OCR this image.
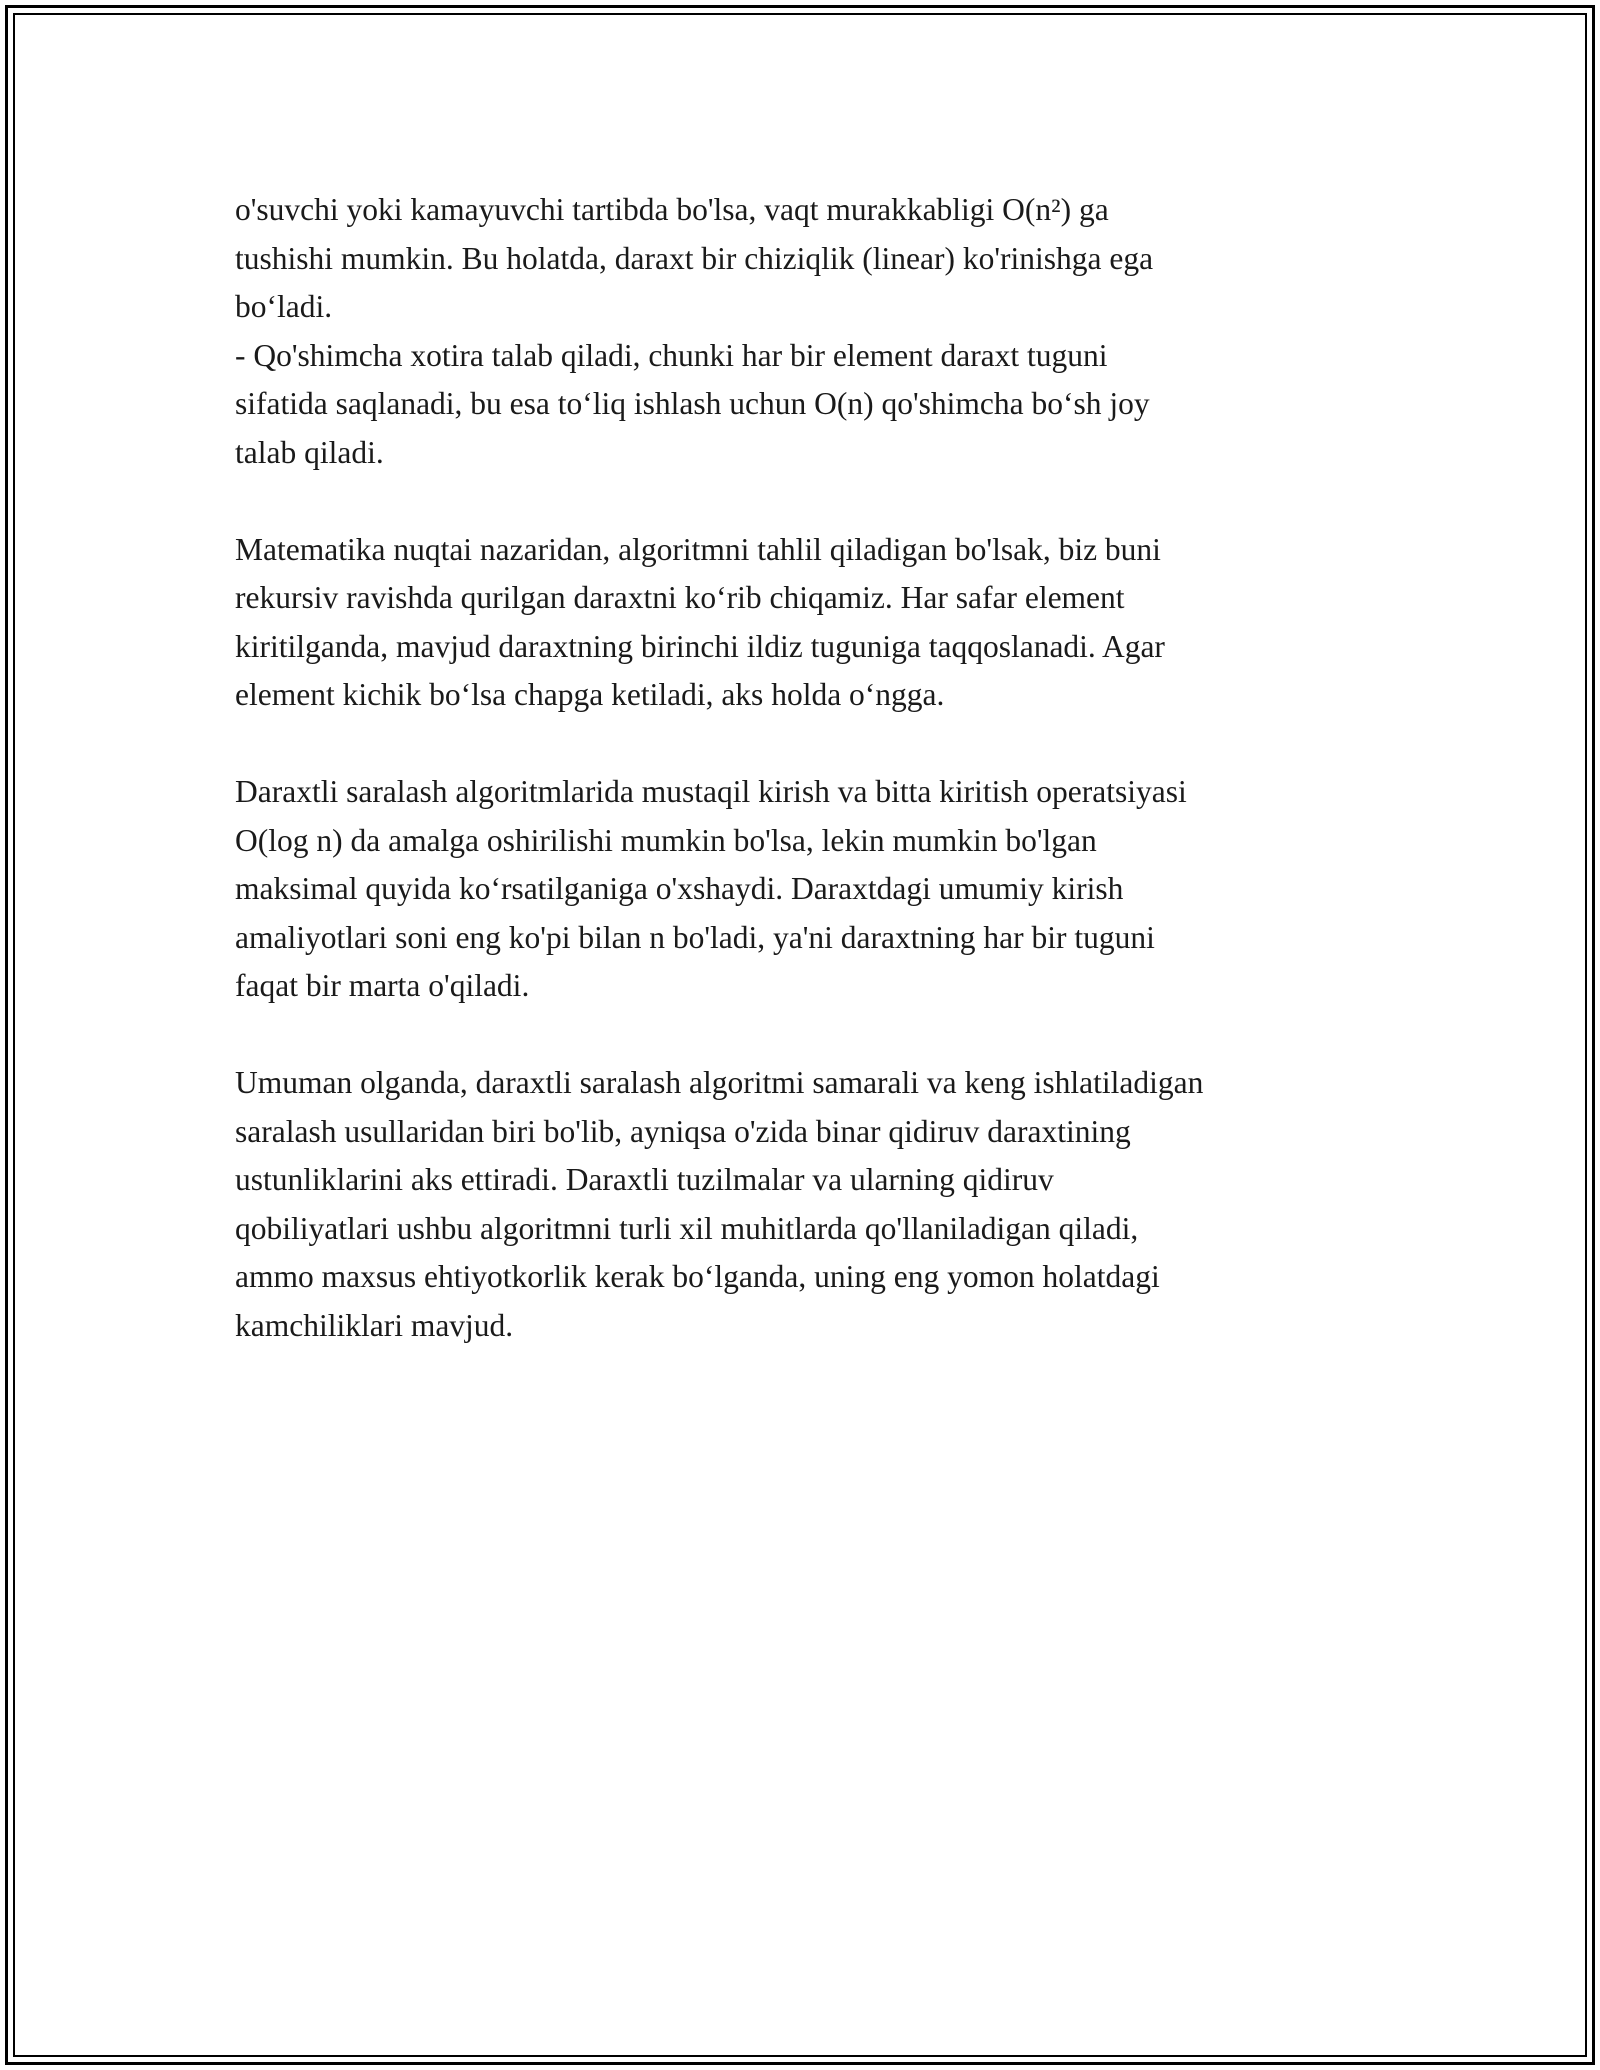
o'suvchi yoki kamayuvchi tartibda bo'lsa, vaqt murakkabligi O(n²) ga
tushishi mumkin. Bu holatda, daraxt bir chiziqlik (linear) ko'rinishga ega
bo‘ladi.
- Qo'shimcha xotira talab qiladi, chunki har bir element daraxt tuguni
sifatida saqlanadi, bu esa to‘liq ishlash uchun O(n) qo'shimcha bo‘sh joy
talab qiladi.

Matematika nuqtai nazaridan, algoritmni tahlil qiladigan bo'lsak, biz buni
rekursiv ravishda qurilgan daraxtni ko‘rib chiqamiz. Har safar element
kiritilganda, mavjud daraxtning birinchi ildiz tuguniga taqqoslanadi. Agar
element kichik bo‘lsa chapga ketiladi, aks holda o‘ngga.

Daraxtli saralash algoritmlarida mustaqil kirish va bitta kiritish operatsiyasi
O(log n) da amalga oshirilishi mumkin bo'lsa, lekin mumkin bo'lgan
maksimal quyida ko‘rsatilganiga o'xshaydi. Daraxtdagi umumiy kirish
amaliyotlari soni eng ko'pi bilan n bo'ladi, ya'ni daraxtning har bir tuguni
faqat bir marta o'qiladi.

Umuman olganda, daraxtli saralash algoritmi samarali va keng ishlatiladigan
saralash usullaridan biri bo'lib, ayniqsa o'zida binar qidiruv daraxtining
ustunliklarini aks ettiradi. Daraxtli tuzilmalar va ularning qidiruv
qobiliyatlari ushbu algoritmni turli xil muhitlarda qo'llaniladigan qiladi,
ammo maxsus ehtiyotkorlik kerak bo‘lganda, uning eng yomon holatdagi
kamchiliklari mavjud.
